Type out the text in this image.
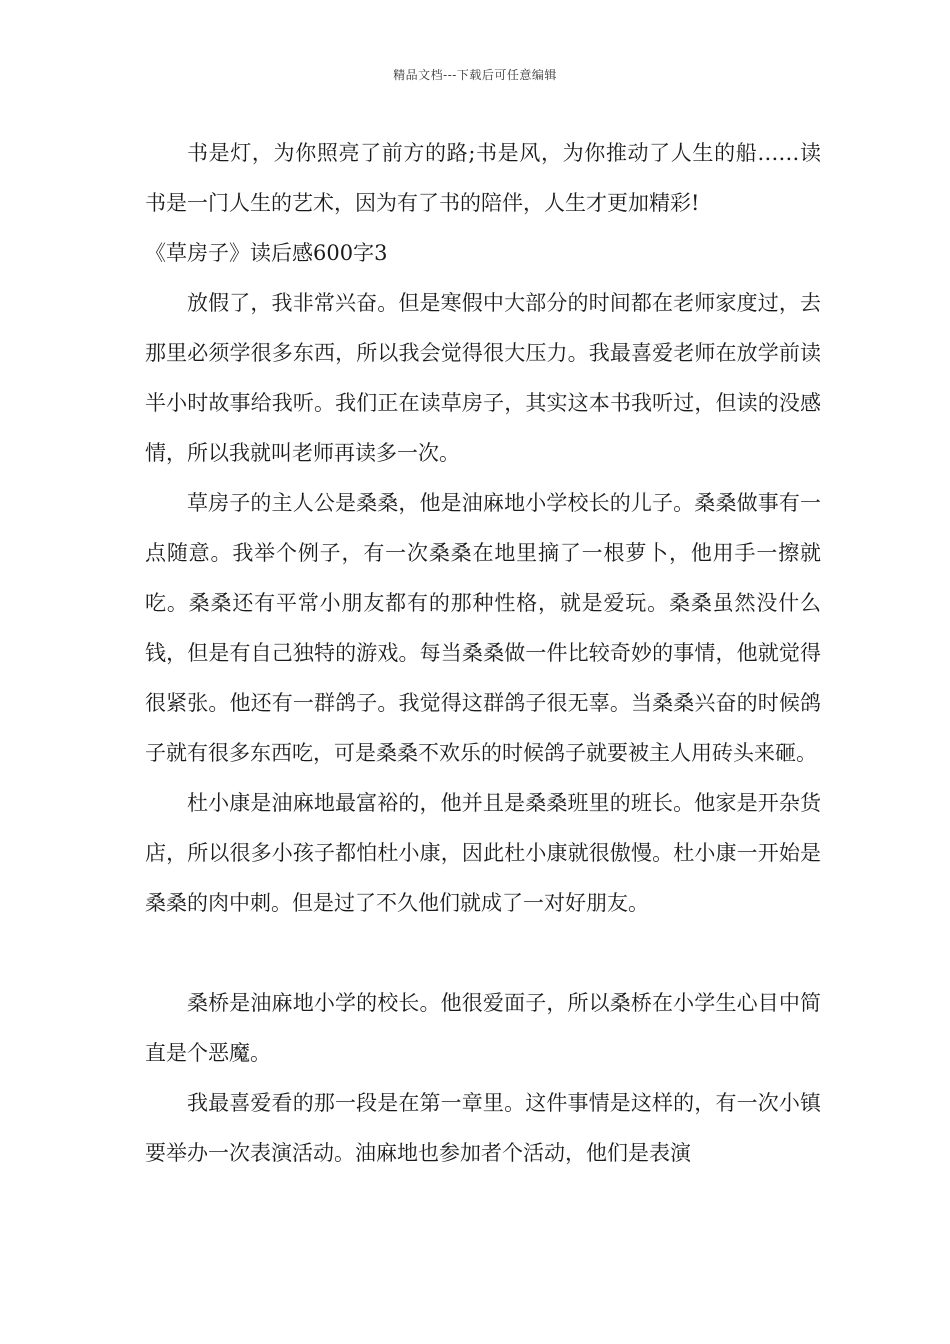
精品文档---下载后可任意编辑

书是灯，为你照亮了前方的路;书是风，为你推动了人生的船……读书是一门人生的艺术，因为有了书的陪伴，人生才更加精彩!

《草房子》读后感600字3

放假了，我非常兴奋。但是寒假中大部分的时间都在老师家度过，去那里必须学很多东西，所以我会觉得很大压力。我最喜爱老师在放学前读半小时故事给我听。我们正在读草房子，其实这本书我听过，但读的没感情，所以我就叫老师再读多一次。

草房子的主人公是桑桑，他是油麻地小学校长的儿子。桑桑做事有一点随意。我举个例子，有一次桑桑在地里摘了一根萝卜，他用手一擦就吃。桑桑还有平常小朋友都有的那种性格，就是爱玩。桑桑虽然没什么钱，但是有自己独特的游戏。每当桑桑做一件比较奇妙的事情，他就觉得很紧张。他还有一群鸽子。我觉得这群鸽子很无辜。当桑桑兴奋的时候鸽子就有很多东西吃，可是桑桑不欢乐的时候鸽子就要被主人用砖头来砸。

杜小康是油麻地最富裕的，他并且是桑桑班里的班长。他家是开杂货店，所以很多小孩子都怕杜小康，因此杜小康就很傲慢。杜小康一开始是桑桑的肉中刺。但是过了不久他们就成了一对好朋友。

桑桥是油麻地小学的校长。他很爱面子，所以桑桥在小学生心目中简直是个恶魔。

我最喜爱看的那一段是在第一章里。这件事情是这样的，有一次小镇要举办一次表演活动。油麻地也参加者个活动，他们是表演
